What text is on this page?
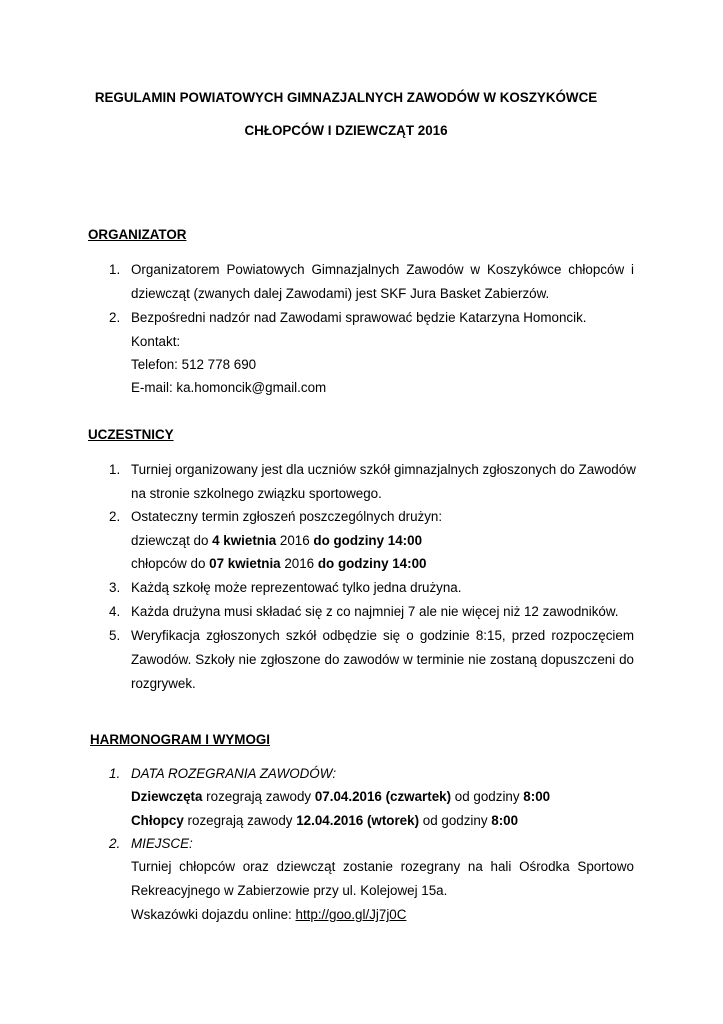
REGULAMIN POWIATOWYCH GIMNAZJALNYCH ZAWODÓW W KOSZYKÓWCE
CHŁOPCÓW I DZIEWCZĄT 2016
ORGANIZATOR
1. Organizatorem Powiatowych Gimnazjalnych Zawodów w Koszykówce chłopców i
dziewcząt (zwanych dalej Zawodami) jest SKF Jura Basket Zabierzów.
2. Bezpośredni nadzór nad Zawodami sprawować będzie Katarzyna Homoncik.
Kontakt:
Telefon: 512 778 690
E-mail: ka.homoncik@gmail.com
UCZESTNICY
1. Turniej organizowany jest dla uczniów szkół gimnazjalnych zgłoszonych do Zawodów
na stronie szkolnego związku sportowego.
2. Ostateczny termin zgłoszeń poszczególnych drużyn:
dziewcząt do 4 kwietnia 2016 do godziny 14:00
chłopców do 07 kwietnia 2016 do godziny 14:00
3. Każdą szkołę może reprezentować tylko jedna drużyna.
4. Każda drużyna musi składać się z co najmniej 7 ale nie więcej niż 12 zawodników.
5. Weryfikacja zgłoszonych szkół odbędzie się o godzinie 8:15, przed rozpoczęciem
Zawodów. Szkoły nie zgłoszone do zawodów w terminie nie zostaną dopuszczeni do
rozgrywek.
HARMONOGRAM I WYMOGI
1. DATA ROZEGRANIA ZAWODÓW:
Dziewczęta rozegrają zawody 07.04.2016 (czwartek) od godziny 8:00
Chłopcy rozegrają zawody 12.04.2016 (wtorek) od godziny 8:00
2. MIEJSCE:
Turniej chłopców oraz dziewcząt zostanie rozegrany na hali Ośrodka Sportowo
Rekreacyjnego w Zabierzowie przy ul. Kolejowej 15a.
Wskazówki dojazdu online: http://goo.gl/Jj7j0C
